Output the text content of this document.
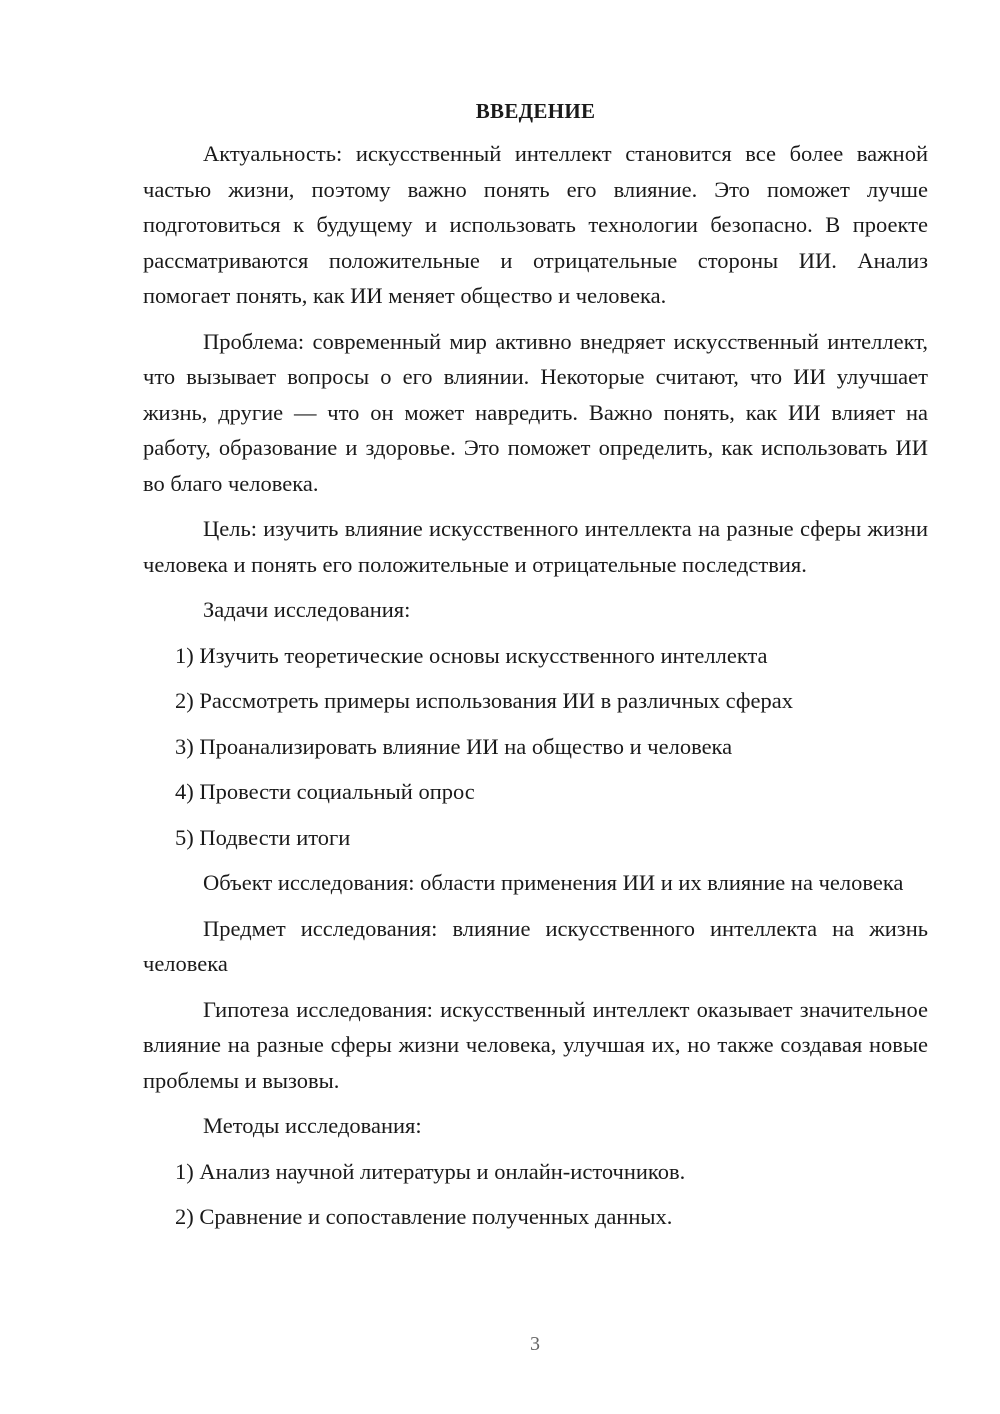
ВВЕДЕНИЕ

Актуальность: искусственный интеллект становится все более важной частью жизни, поэтому важно понять его влияние. Это поможет лучше подготовиться к будущему и использовать технологии безопасно. В проекте рассматриваются положительные и отрицательные стороны ИИ. Анализ помогает понять, как ИИ меняет общество и человека.

Проблема: современный мир активно внедряет искусственный интеллект, что вызывает вопросы о его влиянии. Некоторые считают, что ИИ улучшает жизнь, другие — что он может навредить. Важно понять, как ИИ влияет на работу, образование и здоровье. Это поможет определить, как использовать ИИ во благо человека.

Цель: изучить влияние искусственного интеллекта на разные сферы жизни человека и понять его положительные и отрицательные последствия.

Задачи исследования:

1) Изучить теоретические основы искусственного интеллекта

2) Рассмотреть примеры использования ИИ в различных сферах

3) Проанализировать влияние ИИ на общество и человека

4) Провести социальный опрос

5) Подвести итоги

Объект исследования: области применения ИИ и их влияние на человека

Предмет исследования: влияние искусственного интеллекта на жизнь человека

Гипотеза исследования: искусственный интеллект оказывает значительное влияние на разные сферы жизни человека, улучшая их, но также создавая новые проблемы и вызовы.

Методы исследования:

1) Анализ научной литературы и онлайн-источников.

2) Сравнение и сопоставление полученных данных.

3
